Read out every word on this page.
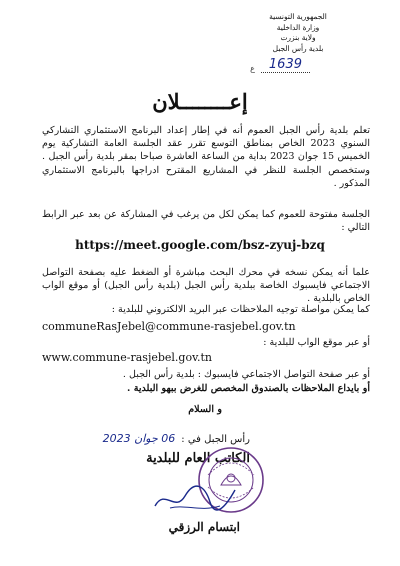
الجمهورية التونسية
وزارة الداخلية
ولاية بنزرت
بلدية رأس الجبل
ع	1639
إعــــــــلان
تعلم بلدية رأس الجبل العموم أنه في إطار إعداد البرنامج الاستثماري التشاركي السنوي 2023 الخاص بمناطق التوسع تقرر عقد الجلسة العامة التشاركية يوم الخميس 15 جوان 2023 بداية من الساعة العاشرة صباحا بمقر بلدية رأس الجبل . وستخصص الجلسة للنظر في المشاريع المقترح ادراجها بالبرنامج الاستثماري المذكور .
الجلسة مفتوحة للعموم كما يمكن لكل من يرغب في المشاركة عن بعد عبر الرابط التالي :
https://meet.google.com/bsz-zyuj-bzq
علما أنه يمكن نسخه في محرك البحث مباشرة أو الضغط عليه بصفحة التواصل الاجتماعي فايسبوك الخاصة ببلدية رأس الجبل (بلدية رأس الجبل) أو موقع الواب الخاص بالبلدية .
كما يمكن مواصلة توجيه الملاحظات عبر البريد الالكتروني للبلدية :
communeRasJebel@commune-rasjebel.gov.tn
أو عبر موقع الواب للبلدية :
www.commune-rasjebel.gov.tn
أو عبر صفحة التواصل الاجتماعي فايسبوك : بلدية رأس الجبل .
أو بايداع الملاحظات بالصندوق المخصص للغرض ببهو البلدية .
و السلام
رأس الجبل في :
06 جوان 2023
الكاتب العام للبلدية
ابتسام الرزقي
